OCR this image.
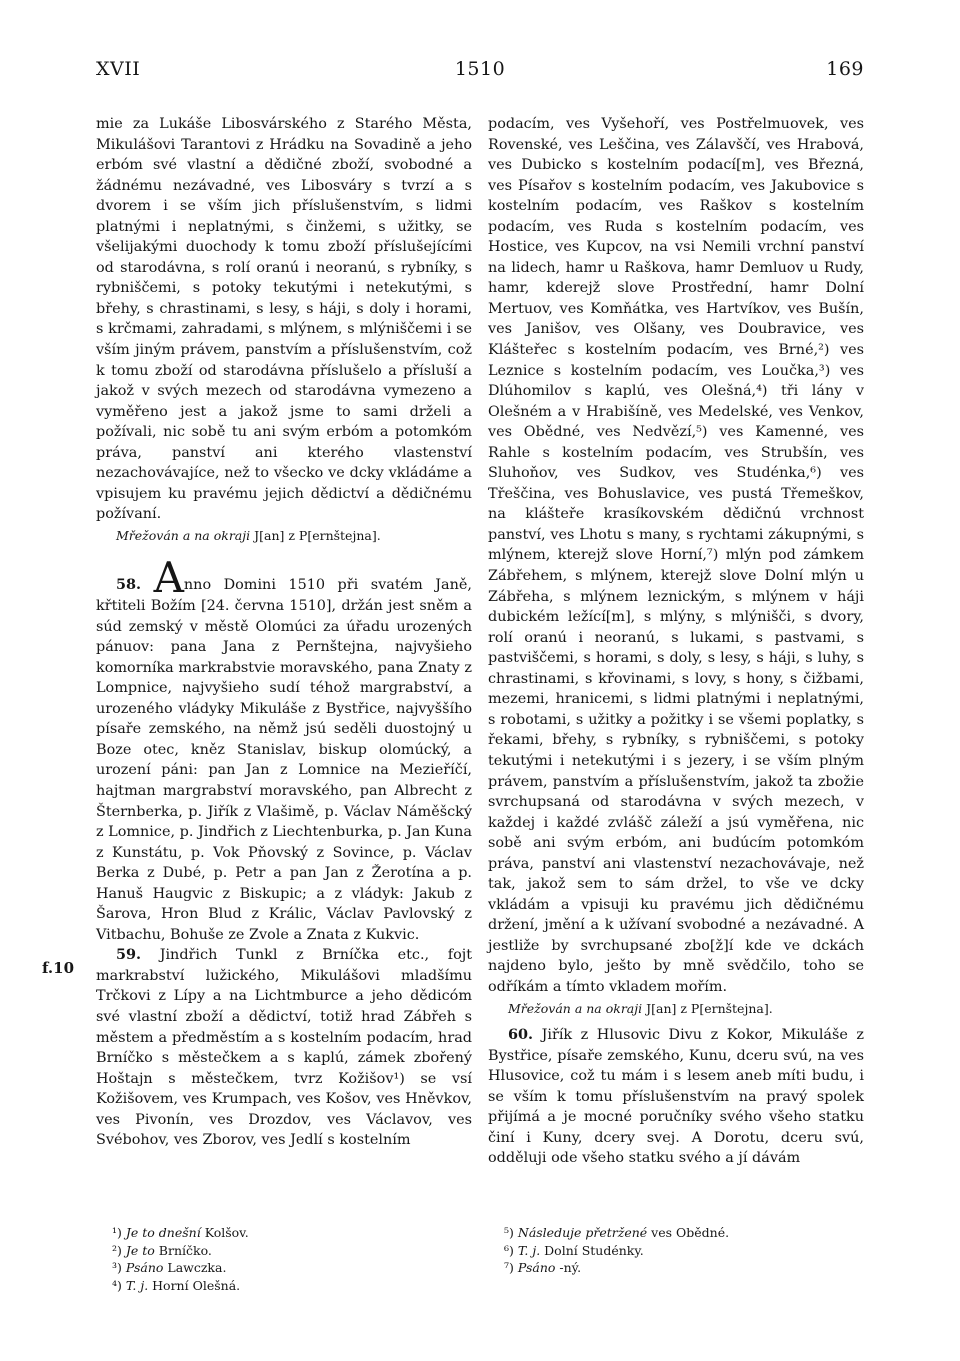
XVII	1510	169
f.10

mie za Lukáše Libosvárského z Starého Města, Mikulášovi Tarantovi z Hrádku na Sovadině a jeho erbóm své vlastní a dědičné zboží, svobodné a žádnému nezávadné, ves Libosváry s tvrzí a s dvorem i se vším jich příslušenstvím, s lidmi platnými i neplatnými, s činžemi, s užitky, se všelijakými duochody k tomu zboží příslušejícími od starodávna, s rolí oranú i neoranú, s rybníky, s rybniščemi, s potoky tekutými i netekutými, s břehy, s chrastinami, s lesy, s háji, s doly i horami, s krčmami, zahradami, s mlýnem, s mlýniščemi i se vším jiným právem, panstvím a příslušenstvím, což k tomu zboží od starodávna příslušelo a přísluší a jakož v svých mezech od starodávna vymezeno a vyměřeno jest a jakož jsme to sami drželi a požívali, nic sobě tu ani svým erbóm a potomkóm práva, panství ani kterého vlastenství nezachovávajíce, než to všecko ve dcky vkládáme a vpisujem ku pravému jejich dědictví a dědičnému požívaní.

Mřežován a na okraji J[an] z P[ernštejna].

58. Anno Domini 1510 při svatém Janě, křtiteli Božím [24. června 1510], držán jest sněm a súd zemský v městě Olomúci za úřadu urozených pánuov: pana Jana z Pernštejna, najvyšieho komorníka markrabstvie moravského, pana Znaty z Lompnice, najvyšieho sudí téhož margrabství, a urozeného vládyky Mikuláše z Bystřice, najvyššího písaře zemského, na němž jsú seděli duostojný u Boze otec, kněz Stanislav, biskup olomúcký, a urození páni: pan Jan z Lomnice na Mezieříčí, hajtman margrabství moravského, pan Albrecht z Šternberka, p. Jiřík z Vlašimě, p. Václav Náměšcký z Lomnice, p. Jindřich z Liechtenburka, p. Jan Kuna z Kunstátu, p. Vok Pňovský z Sovince, p. Václav Berka z Dubé, p. Petr a pan Jan z Žerotína a p. Hanuš Haugvic z Biskupic; a z vládyk: Jakub z Šarova, Hron Blud z Králic, Václav Pavlovský z Vitbachu, Bohuše ze Zvole a Znata z Kukvic.

59. Jindřich Tunkl z Brníčka etc., fojt markrabství lužického, Mikulášovi mladšímu Trčkovi z Lípy a na Lichtmburce a jeho dědicóm své vlastní zboží a dědictví, totiž hrad Zábřeh s městem a předměstím a s kostelním podacím, hrad Brníčko s městečkem a s kaplú, zámek zbořený Hoštajn s městečkem, tvrz Kožišov¹) se vsí Kožišovem, ves Krumpach, ves Košov, ves Hněvkov, ves Pivonín, ves Drozdov, ves Václavov, ves Svébohov, ves Zborov, ves Jedlí s kostelním

podacím, ves Vyšehoří, ves Postřelmuovek, ves Rovenské, ves Leščina, ves Zálavščí, ves Hrabová, ves Dubicko s kostelním podací[m], ves Březná, ves Písařov s kostelním podacím, ves Jakubovice s kostelním podacím, ves Raškov s kostelním podacím, ves Ruda s kostelním podacím, ves Hostice, ves Kupcov, na vsi Nemili vrchní panství na lidech, hamr u Raškova, hamr Demluov u Rudy, hamr, kderejž slove Prostřední, hamr Dolní Mertuov, ves Komňátka, ves Hartvíkov, ves Bušín, ves Janišov, ves Olšany, ves Doubravice, ves Klášteřec s kostelním podacím, ves Brné,²) ves Leznice s kostelním podacím, ves Loučka,³) ves Dlúhomilov s kaplú, ves Olešná,⁴) tři lány v Olešném a v Hrabišíně, ves Medelské, ves Venkov, ves Obědné, ves Nedvězí,⁵) ves Kamenné, ves Rahle s kostelním podacím, ves Strubšín, ves Sluhoňov, ves Sudkov, ves Studénka,⁶) ves Třeščina, ves Bohuslavice, ves pustá Třemeškov, na klášteře krasíkovském dědičnú vrchnost panství, ves Lhotu s many, s rychtami zákupnými, s mlýnem, kterejž slove Horní,⁷) mlýn pod zámkem Zábřehem, s mlýnem, kterejž slove Dolní mlýn u Zábřeha, s mlýnem leznickým, s mlýnem v háji dubickém ležící[m], s mlýny, s mlýnišči, s dvory, rolí oranú i neoranú, s lukami, s pastvami, s pastviščemi, s horami, s doly, s lesy, s háji, s luhy, s chrastinami, s křovinami, s lovy, s hony, s čižbami, mezemi, hranicemi, s lidmi platnými i neplatnými, s robotami, s užitky a požitky i se všemi poplatky, s řekami, břehy, s rybníky, s rybniščemi, s potoky tekutými i netekutými i s jezery, i se vším plným právem, panstvím a příslušenstvím, jakož ta zbožie svrchupsaná od starodávna v svých mezech, v každej i každé zvlášč záleží a jsú vyměřena, nic sobě ani svým erbóm, ani budúcím potomkóm práva, panství ani vlastenství nezachovávaje, než tak, jakož sem to sám držel, to vše ve dcky vkládám a vpisuji ku pravému jich dědičnému držení, jmění a k užívaní svobodné a nezávadné. A jestliže by svrchupsané zbo[ž]í kde ve dckách najdeno bylo, ješto by mně svědčilo, toho se odříkám a tímto vkladem mořím.

Mřežován a na okraji J[an] z P[ernštejna].

60. Jiřík z Hlusovic Divu z Kokor, Mikuláše z Bystřice, písaře zemského, Kunu, dceru svú, na ves Hlusovice, což tu mám i s lesem aneb míti budu, i se vším k tomu příslušenstvím na pravý spolek přijímá a je mocné poručníky svého všeho statku činí i Kuny, dcery svej. A Dorotu, dceru svú, odděluji ode všeho statku svého a jí dávám

¹) Je to dnešní Kolšov.

²) Je to Brníčko.

³) Psáno Lawczka.

⁴) T. j. Horní Olešná.

⁵) Následuje přetržené ves Obědné.

⁶) T. j. Dolní Studénky.

⁷) Psáno -ný.
